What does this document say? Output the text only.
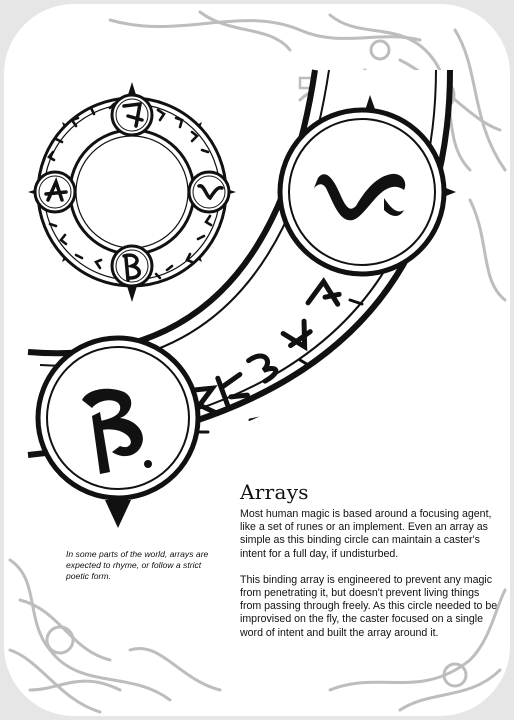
Arrays

Most human magic is based around a focusing agent, like a set of runes or an implement. Even an array as simple as this binding circle can maintain a caster's intent for a full day, if undisturbed.

This binding array is engineered to prevent any magic from penetrating it, but doesn't prevent living things from passing through freely. As this circle needed to be improvised on the fly, the caster focused on a single word of intent and built the array around it.

In some parts of the world, arrays are expected to rhyme, or follow a strict poetic form.
